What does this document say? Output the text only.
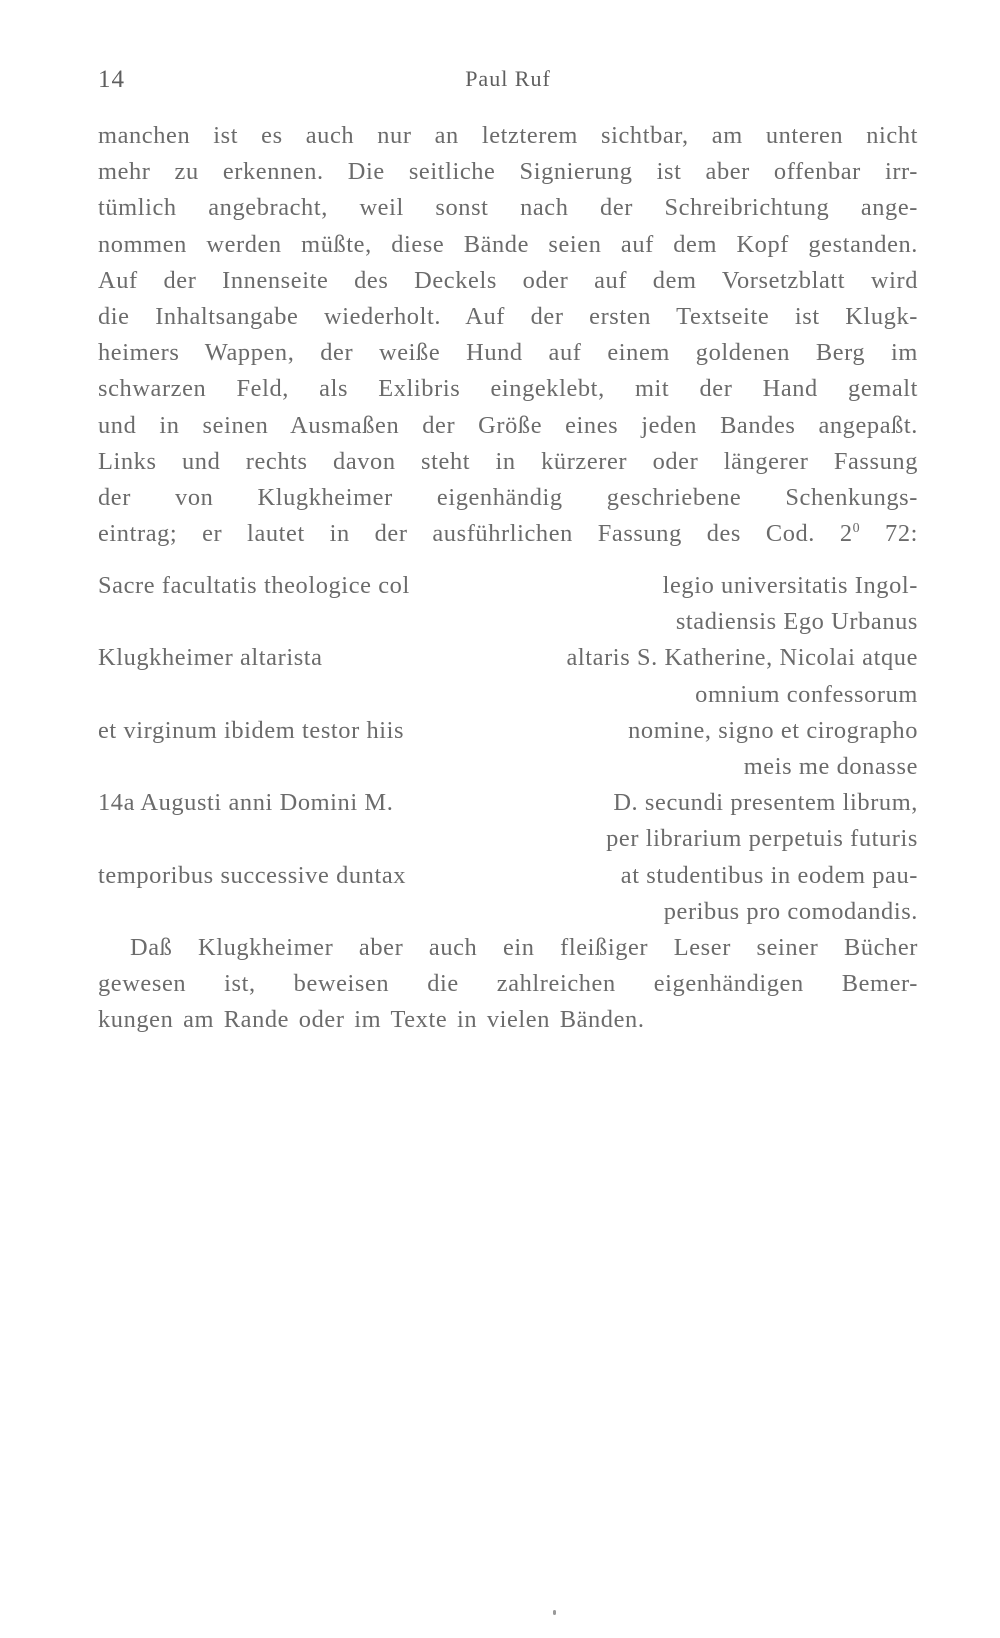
14	Paul Ruf
manchen ist es auch nur an letzterem sichtbar, am unteren nicht
mehr zu erkennen. Die seitliche Signierung ist aber offenbar irr-
tümlich angebracht, weil sonst nach der Schreibrichtung ange-
nommen werden müßte, diese Bände seien auf dem Kopf gestanden.
Auf der Innenseite des Deckels oder auf dem Vorsetzblatt wird
die Inhaltsangabe wiederholt. Auf der ersten Textseite ist Klugk-
heimers Wappen, der weiße Hund auf einem goldenen Berg im
schwarzen Feld, als Exlibris eingeklebt, mit der Hand gemalt
und in seinen Ausmaßen der Größe eines jeden Bandes angepaßt.
Links und rechts davon steht in kürzerer oder längerer Fassung
der von Klugkheimer eigenhändig geschriebene Schenkungs-
eintrag; er lautet in der ausführlichen Fassung des Cod. $2^0$ 72:
Sacre facultatis theologice col	legio universitatis Ingol-
stadiensis Ego Urbanus
Klugkheimer altarista	altaris S. Katherine, Nicolai atque
omnium confessorum
et virginum ibidem testor hiis	nomine, signo et cirographo
meis me donasse
14a Augusti anni Domini M.	D. secundi presentem librum,
per librarium perpetuis futuris
temporibus successive duntax	at studentibus in eodem pau-
peribus pro comodandis.
Daß Klugkheimer aber auch ein fleißiger Leser seiner Bücher
gewesen ist, beweisen die zahlreichen eigenhändigen Bemer-
kungen am Rande oder im Texte in vielen Bänden.
